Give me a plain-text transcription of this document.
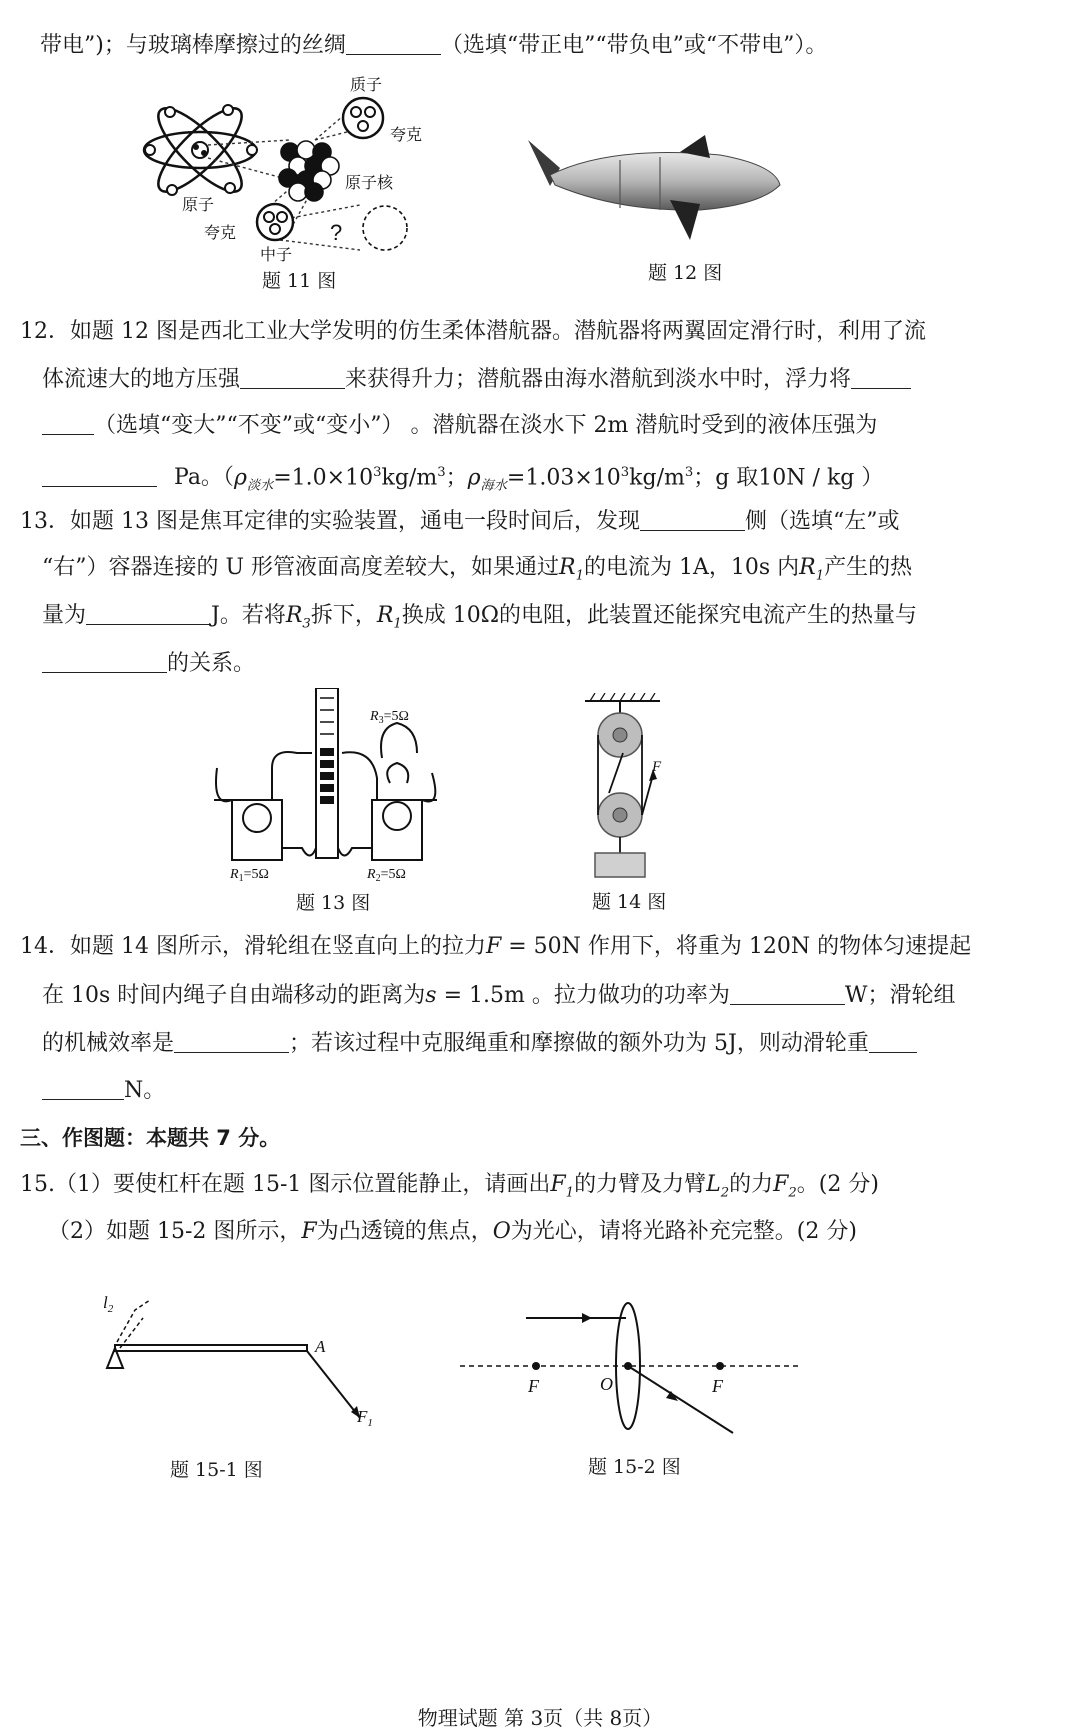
带电”)；与玻璃棒摩擦过的丝绸	（选填“带正电”“带负电”或“不带电”）。
?
质子
夸克
原子核
原子
夸克
中子
题 11 图	题 12 图
12．如题 12 图是西北工业大学发明的仿生柔体潜航器。潜航器将两翼固定滑行时，利用了流
体流速大的地方压强	来获得升力；潜航器由海水潜航到淡水中时，浮力将
（选填“变大”“不变”或“变小”） 。潜航器在淡水下 2m 潜航时受到的液体压强为
Pa。（$\rho_{淡水}=1.0\times 10^3kg/m^3$；$\rho_{海水}=1.03\times 10^3kg/m^3$；g 取10N / kg ）
13．如题 13 图是焦耳定律的实验装置，通电一段时间后，发现	侧（选填“左”或
“右”）容器连接的 U 形管液面高度差较大，如果通过$R_1$的电流为 1A，10s 内$R_1$产生的热
量为	J。若将$R_3$拆下，$R_1$换成 10Ω的电阻，此装置还能探究电流产生的热量与
的关系。
$R_3=5\Omega$
$R_1=5\Omega$	$R_2=5\Omega$
题 13 图
F
题 14 图
14．如题 14 图所示，滑轮组在竖直向上的拉力F = 50N 作用下，将重为 120N 的物体匀速提起
在 10s 时间内绳子自由端移动的距离为s = 1.5m 。拉力做功的功率为	W；滑轮组
的机械效率是	；若该过程中克服绳重和摩擦做的额外功为 5J，则动滑轮重
N。
三、作图题：本题共 7 分。
15.（1）要使杠杆在题 15-1 图示位置能静止，请画出$F_1$的力臂及力臂$L_2$的力$F_2$。(2 分)
（2）如题 15-2 图所示，F为凸透镜的焦点，O为光心，请将光路补充完整。(2 分)
$l_2$
A
$F_1$
题 15-1 图
F	O	F
题 15-2 图
物理试题 第 3页（共 8页）
